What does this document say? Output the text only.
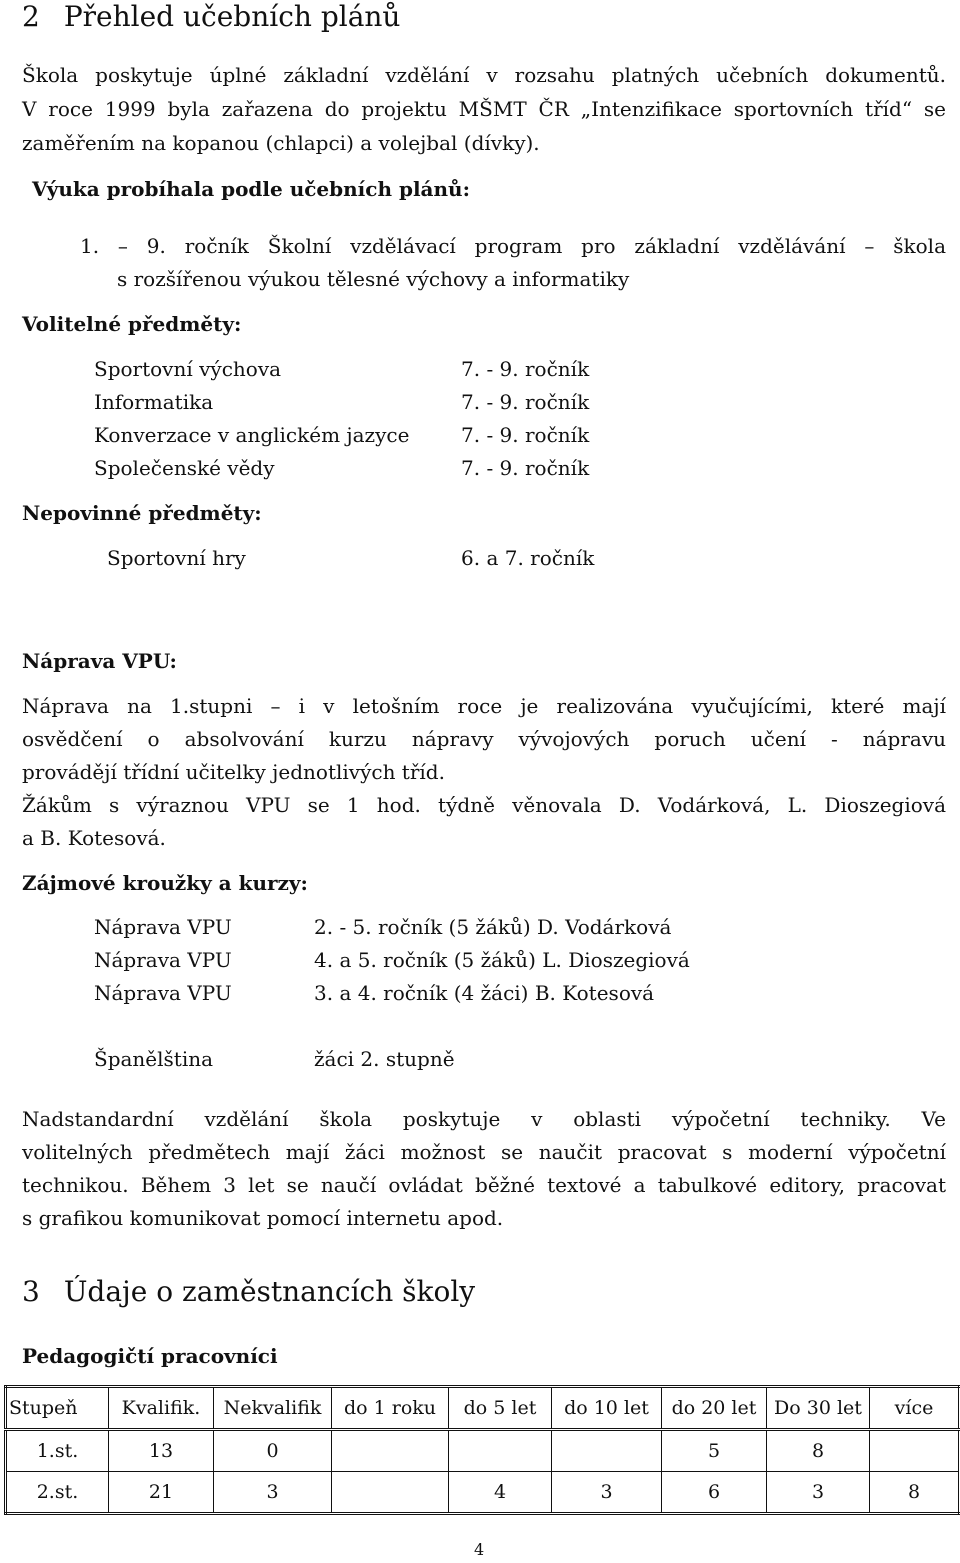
2 Přehled učebních plánů
Škola poskytuje úplné základní vzdělání v rozsahu platných učebních dokumentů.
V roce 1999 byla zařazena do projektu MŠMT ČR „Intenzifikace sportovních tříd“ se
zaměřením na kopanou (chlapci) a volejbal (dívky).
Výuka probíhala podle učebních plánů:
1. – 9. ročník Školní vzdělávací program pro základní vzdělávání – škola
s rozšířenou výukou tělesné výchovy a informatiky
Volitelné předměty:
Sportovní výchova	7. - 9. ročník
Informatika	7. - 9. ročník
Konverzace v anglickém jazyce	7. - 9. ročník
Společenské vědy	7. - 9. ročník
Nepovinné předměty:
Sportovní hry	6. a 7. ročník
Náprava VPU:
Náprava na 1.stupni – i v letošním roce je realizována vyučujícími, které mají
osvědčení o absolvování kurzu nápravy vývojových poruch učení - nápravu
provádějí třídní učitelky jednotlivých tříd.
Žákům s výraznou VPU se 1 hod. týdně věnovala D. Vodárková, L. Dioszegiová
a B. Kotesová.
Zájmové kroužky a kurzy:
Náprava VPU	2. - 5. ročník (5 žáků) D. Vodárková
Náprava VPU	4. a 5. ročník (5 žáků) L. Dioszegiová
Náprava VPU	3. a 4. ročník (4 žáci) B. Kotesová
Španělština	žáci 2. stupně
Nadstandardní vzdělání škola poskytuje v oblasti výpočetní techniky. Ve
volitelných předmětech mají žáci možnost se naučit pracovat s moderní výpočetní
technikou. Během 3 let se naučí ovládat běžné textové a tabulkové editory, pracovat
s grafikou komunikovat pomocí internetu apod.
3 Údaje o zaměstnancích školy
Pedagogičtí pracovníci
Stupeň	Kvalifik.	Nekvalifik	do 1 roku	do 5 let	do 10 let	do 20 let	Do 30 let	více
1.st.	13	0				5	8	
2.st.	21	3		4	3	6	3	8
4
